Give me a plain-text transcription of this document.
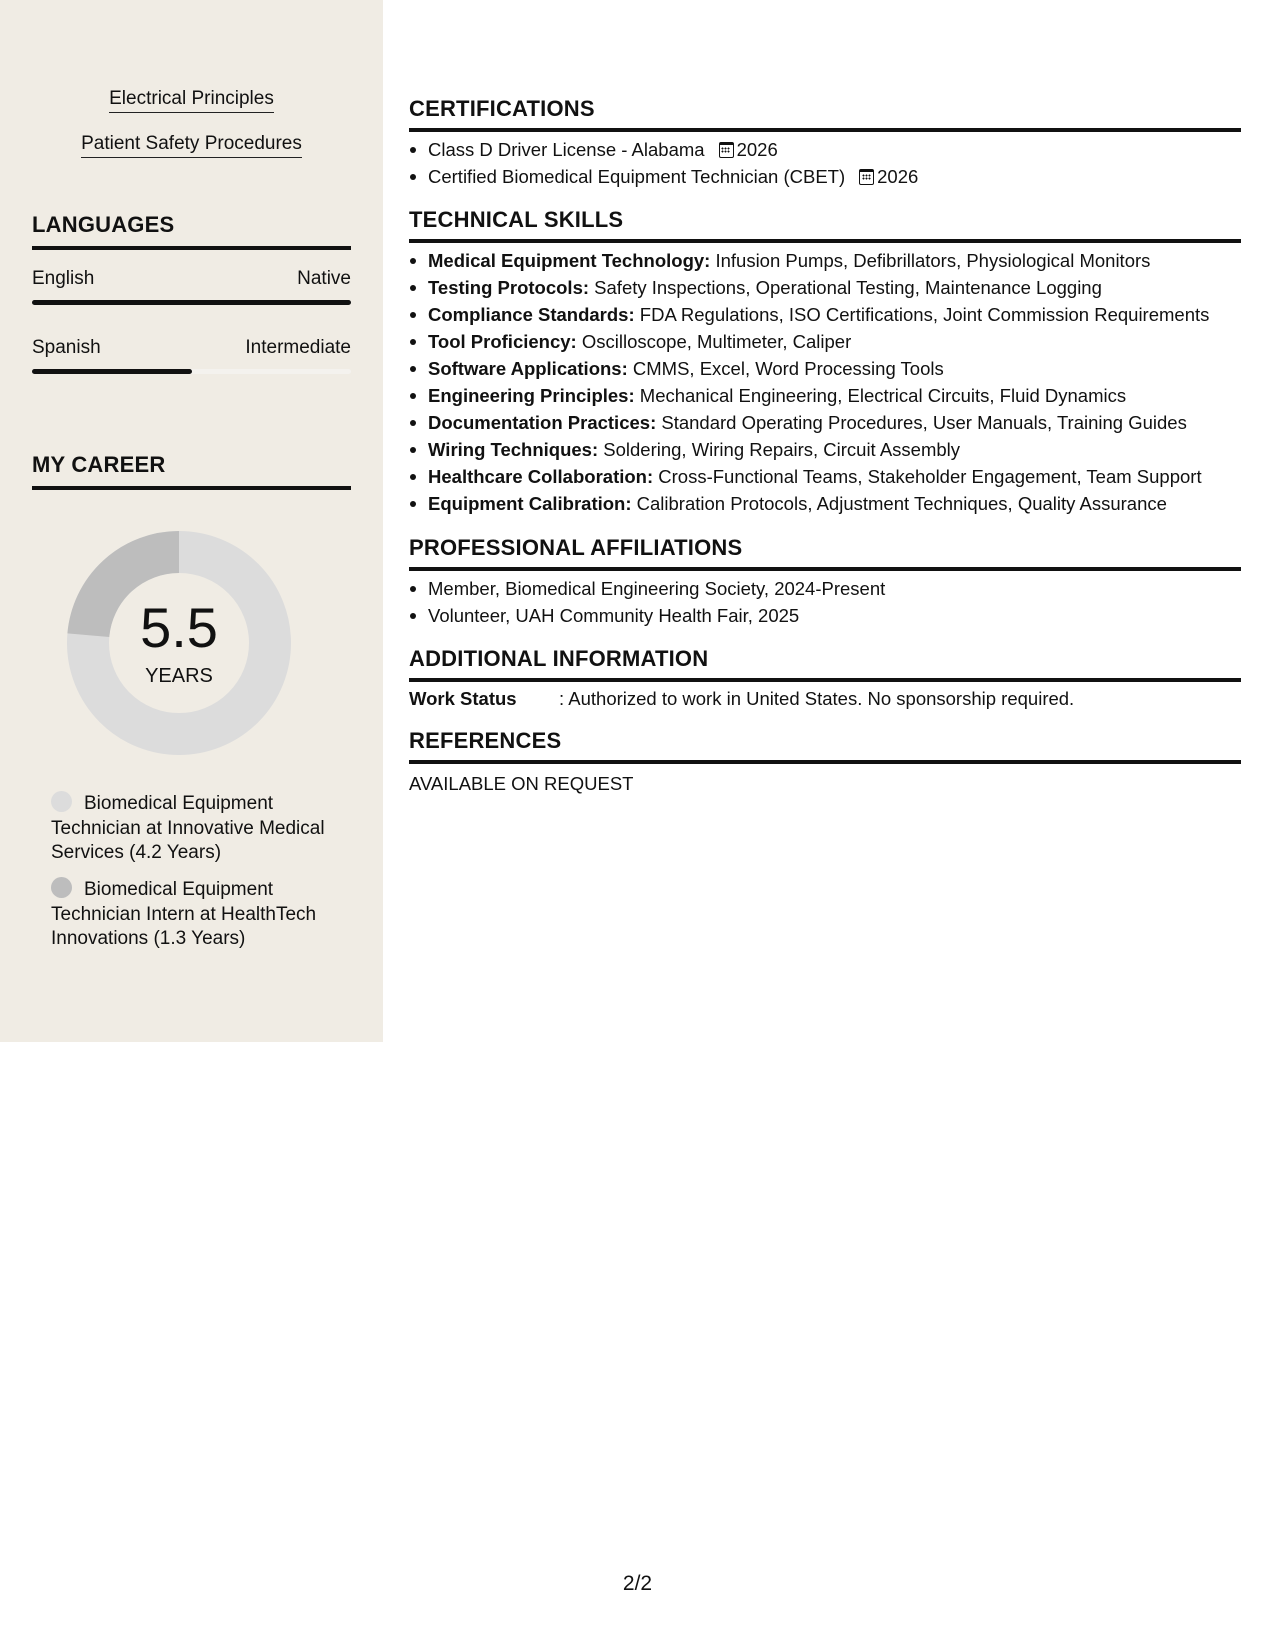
Electrical Principles
Patient Safety Procedures
LANGUAGES
English	Native
Spanish	Intermediate
MY CAREER
5.5
YEARS
Biomedical Equipment Technician at Innovative Medical Services (4.2 Years)
Biomedical Equipment Technician Intern at HealthTech Innovations (1.3 Years)
CERTIFICATIONS
Class D Driver License - Alabama 2026
Certified Biomedical Equipment Technician (CBET) 2026
TECHNICAL SKILLS
Medical Equipment Technology: Infusion Pumps, Defibrillators, Physiological Monitors
Testing Protocols: Safety Inspections, Operational Testing, Maintenance Logging
Compliance Standards: FDA Regulations, ISO Certifications, Joint Commission Requirements
Tool Proficiency: Oscilloscope, Multimeter, Caliper
Software Applications: CMMS, Excel, Word Processing Tools
Engineering Principles: Mechanical Engineering, Electrical Circuits, Fluid Dynamics
Documentation Practices: Standard Operating Procedures, User Manuals, Training Guides
Wiring Techniques: Soldering, Wiring Repairs, Circuit Assembly
Healthcare Collaboration: Cross-Functional Teams, Stakeholder Engagement, Team Support
Equipment Calibration: Calibration Protocols, Adjustment Techniques, Quality Assurance
PROFESSIONAL AFFILIATIONS
Member, Biomedical Engineering Society, 2024-Present
Volunteer, UAH Community Health Fair, 2025
ADDITIONAL INFORMATION
Work Status : Authorized to work in United States. No sponsorship required.
REFERENCES
AVAILABLE ON REQUEST
2/2
